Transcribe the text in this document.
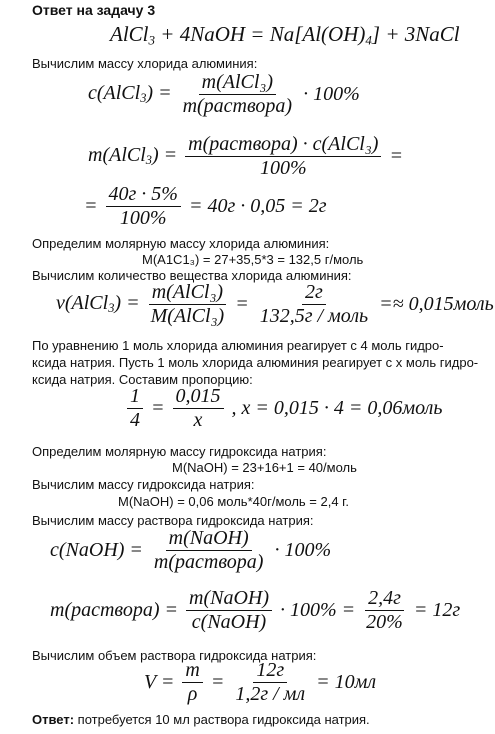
Ответ на задачу 3
AlCl$_3$ + 4NaOH = $Na[Al(OH)_4]$ + 3NaCl
Вычислим массу хлорида алюминия:
c(AlCl$_3$) = $\frac{\text{m(AlCl₃)}}{\text{m(раствора)}} \cdot 100\%$
m(AlCl$_3$) = $\frac{\text{m(раствора) · c(AlCl₃)}}{100\%}$ =
= $\frac{40г \cdot 5\%}{100\%} = 40г \cdot 0,05 = 2г$
Определим молярную массу хлорида алюминия:
M(A1C1₃) = 27+35,5*3 = 132,5 г/моль
Вычислим количество вещества хлорида алюминия:
ν(AlCl$_3$) = $\frac{\text{m(AlCl₃)}}{\text{M(AlCl₃)}} = \frac{2г}{\text{132,5г / моль}}$ =≈ 0,015моль
По уравнению 1 моль хлорида алюминия реагирует с 4 моль гидро-
ксида натрия. Пусть 1 моль хлорида алюминия реагирует с x моль гидро-
ксида натрия. Составим пропорцию:
$\frac{1}{4} = \frac{0,015}{x}$ , x = 0,015 · 4 = 0,06моль
Определим молярную массу гидроксида натрия:
M(NaOH) = 23+16+1 = 40/моль
Вычислим массу гидроксида натрия:
M(NaOH) = 0,06 моль*40г/моль = 2,4 г.
Вычислим массу раствора гидроксида натрия:
c(NaOH) = $\frac{\text{m(NaOH)}}{\text{m(раствора)}} \cdot 100\%$
m(раствора) = $\frac{\text{m(NaOH)}}{\text{c(NaOH)}} \cdot 100\% = \frac{2,4г}{20\%} = 12г$
Вычислим объем раствора гидроксида натрия:
$V = \frac{m}{\rho} = \frac{12г}{1,2г / мл} = 10мл$
Ответ: потребуется 10 мл раствора гидроксида натрия.
